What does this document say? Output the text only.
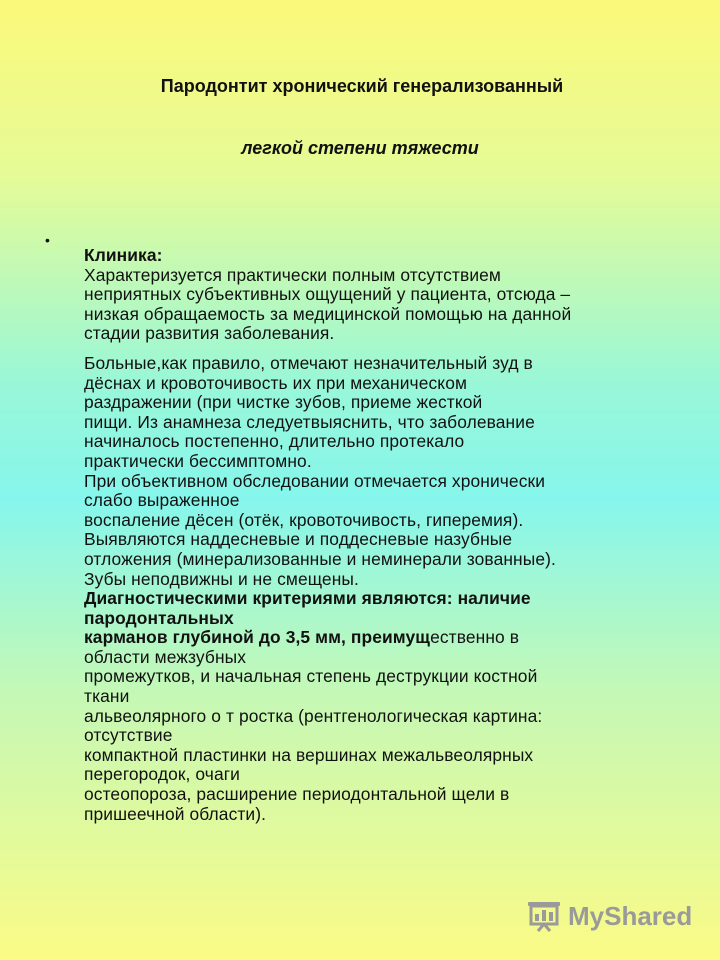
Пародонтит хронический генерализованный
легкой степени тяжести
•
Клиника:
Характеризуется практически полным отсутствием
неприятных субъективных ощущений у пациента, отсюда –
низкая обращаемость за медицинской помощью на данной
стадии развития заболевания.
Больные,как правило, отмечают незначительный зуд в
дёснах и кровоточивость их при механическом
раздражении (при чистке зубов, приеме жесткой
пищи. Из анамнеза следуетвыяснить, что заболевание
начиналось постепенно, длительно протекало
практически бессимптомно.
При объективном обследовании отмечается хронически
слабо выраженное
воспаление дёсен (отёк, кровоточивость, гиперемия).
Выявляются наддесневые и поддесневые назубные
отложения (минерализованные и неминерали зованные).
Зубы неподвижны и не смещены.
Диагностическими критериями являются: наличие
пародонтальных
карманов глубиной до 3,5 мм, преимущественно в
области межзубных
промежутков, и начальная степень деструкции костной
ткани
альвеолярного о т ростка (рентгенологическая картина:
отсутствие
компактной пластинки на вершинах межальвеолярных
перегородок, очаги
остеопороза, расширение периодонтальной щели в
пришеечной области).
MyShared
